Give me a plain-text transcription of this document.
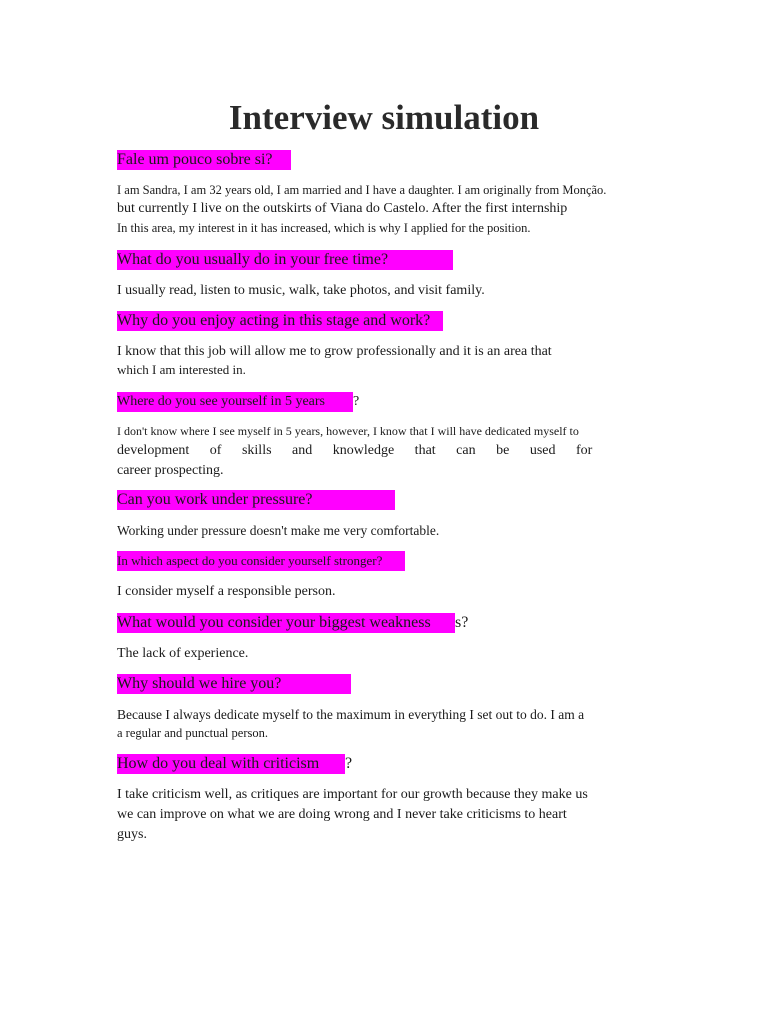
Interview simulation
Fale um pouco sobre si?
I am Sandra, I am 32 years old, I am married and I have a daughter. I am originally from Monção.
but currently I live on the outskirts of Viana do Castelo. After the first internship
In this area, my interest in it has increased, which is why I applied for the position.
What do you usually do in your free time?
I usually read, listen to music, walk, take photos, and visit family.
Why do you enjoy acting in this stage and work?
I know that this job will allow me to grow professionally and it is an area that
which I am interested in.
Where do you see yourself in 5 years ?
I don't know where I see myself in 5 years, however, I know that I will have dedicated myself to
development of skills and knowledge that can be used for
career prospecting.
Can you work under pressure?
Working under pressure doesn't make me very comfortable.
In which aspect do you consider yourself stronger?
I consider myself a responsible person.
What would you consider your biggest weakness s?
The lack of experience.
Why should we hire you?
Because I always dedicate myself to the maximum in everything I set out to do. I am a
a regular and punctual person.
How do you deal with criticism ?
I take criticism well, as critiques are important for our growth because they make us
we can improve on what we are doing wrong and I never take criticisms to heart
guys.
